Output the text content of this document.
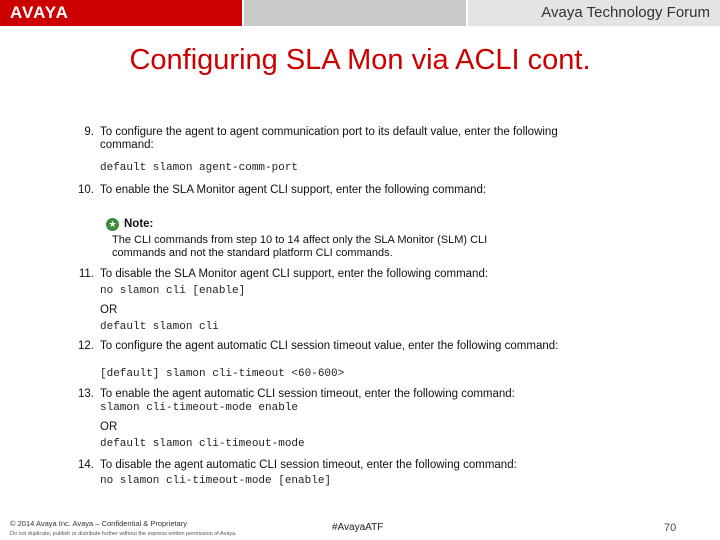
AVAYA	Avaya Technology Forum
Configuring SLA Mon via ACLI cont.
9. To configure the agent to agent communication port to its default value, enter the following command:
default slamon agent-comm-port
10. To enable the SLA Monitor agent CLI support, enter the following command:
★ Note:
The CLI commands from step 10 to 14 affect only the SLA Monitor (SLM) CLI commands and not the standard platform CLI commands.
11. To disable the SLA Monitor agent CLI support, enter the following command:
no slamon cli [enable]
OR
default slamon cli
12. To configure the agent automatic CLI session timeout value, enter the following command:
[default] slamon cli-timeout <60-600>
13. To enable the agent automatic CLI session timeout, enter the following command:
slamon cli-timeout-mode enable
OR
default slamon cli-timeout-mode
14. To disable the agent automatic CLI session timeout, enter the following command:
no slamon cli-timeout-mode [enable]
© 2014 Avaya Inc. Avaya – Confidential & Proprietary
Do not duplicate, publish or distribute further without the express written permission of Avaya.
#AvayaATF	70
